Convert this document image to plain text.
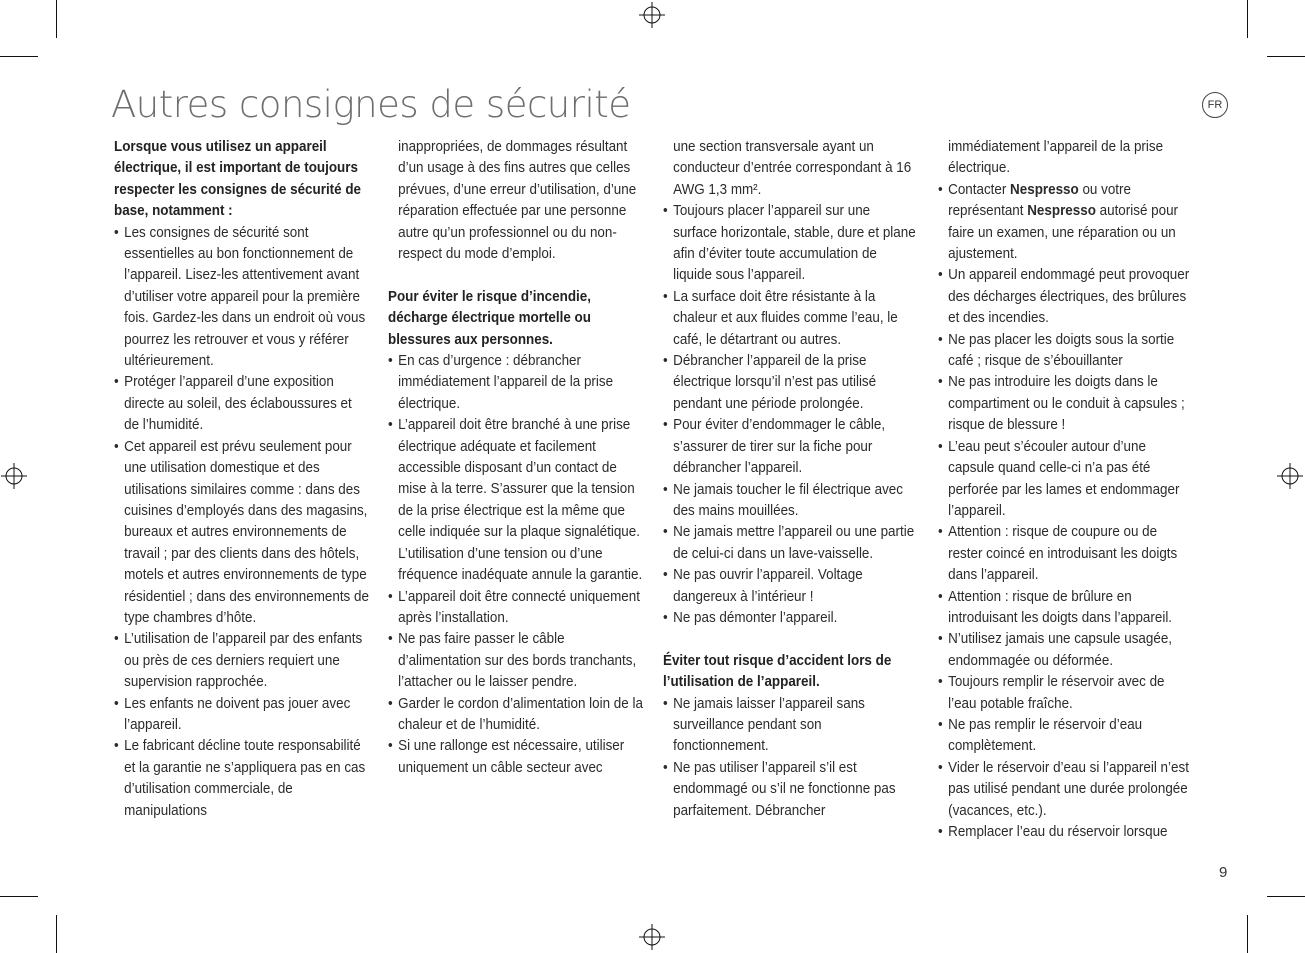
Autres consignes de sécurité	FR

Lorsque vous utilisez un appareil électrique, il est important de toujours respecter les consignes de sécurité de base, notamment :

• Les consignes de sécurité sont essentielles au bon fonctionnement de l’appareil. Lisez-les attentivement avant d’utiliser votre appareil pour la première fois. Gardez-les dans un endroit où vous pourrez les retrouver et vous y référer ultérieurement.
• Protéger l’appareil d’une exposition directe au soleil, des éclaboussures et de l’humidité.
• Cet appareil est prévu seulement pour une utilisation domestique et des utilisations similaires comme : dans des cuisines d’employés dans des magasins, bureaux et autres environnements de travail ; par des clients dans des hôtels, motels et autres environnements de type résidentiel ; dans des environnements de type chambres d’hôte.
• L’utilisation de l’appareil par des enfants ou près de ces derniers requiert une supervision rapprochée.
• Les enfants ne doivent pas jouer avec l’appareil.
• Le fabricant décline toute responsabilité et la garantie ne s’appliquera pas en cas d’utilisation commerciale, de manipulations

inappropriées, de dommages résultant d’un usage à des fins autres que celles prévues, d’une erreur d’utilisation, d’une réparation effectuée par une personne autre qu’un professionnel ou du non-respect du mode d’emploi.

Pour éviter le risque d’incendie, décharge électrique mortelle ou blessures aux personnes.

• En cas d’urgence : débrancher immédiatement l’appareil de la prise électrique.
• L’appareil doit être branché à une prise électrique adéquate et facilement accessible disposant d’un contact de mise à la terre. S’assurer que la tension de la prise électrique est la même que celle indiquée sur la plaque signalétique. L’utilisation d’une tension ou d’une fréquence inadéquate annule la garantie.
• L’appareil doit être connecté uniquement après l’installation.
• Ne pas faire passer le câble d’alimentation sur des bords tranchants, l’attacher ou le laisser pendre.
• Garder le cordon d’alimentation loin de la chaleur et de l’humidité.
• Si une rallonge est nécessaire, utiliser uniquement un câble secteur avec

une section transversale ayant un conducteur d’entrée correspondant à 16 AWG 1,3 mm².

• Toujours placer l’appareil sur une surface horizontale, stable, dure et plane afin d’éviter toute accumulation de liquide sous l’appareil.
• La surface doit être résistante à la chaleur et aux fluides comme l’eau, le café, le détartrant ou autres.
• Débrancher l’appareil de la prise électrique lorsqu’il n’est pas utilisé pendant une période prolongée.
• Pour éviter d’endommager le câble, s’assurer de tirer sur la fiche pour débrancher l’appareil.
• Ne jamais toucher le fil électrique avec des mains mouillées.
• Ne jamais mettre l’appareil ou une partie de celui-ci dans un lave-vaisselle.
• Ne pas ouvrir l’appareil. Voltage dangereux à l’intérieur !
• Ne pas démonter l’appareil.

Éviter tout risque d’accident lors de l’utilisation de l’appareil.

• Ne jamais laisser l’appareil sans surveillance pendant son fonctionnement.
• Ne pas utiliser l’appareil s’il est endommagé ou s’il ne fonctionne pas parfaitement. Débrancher

immédiatement l’appareil de la prise électrique.

• Contacter Nespresso ou votre représentant Nespresso autorisé pour faire un examen, une réparation ou un ajustement.
• Un appareil endommagé peut provoquer des décharges électriques, des brûlures et des incendies.
• Ne pas placer les doigts sous la sortie café ; risque de s’ébouillanter
• Ne pas introduire les doigts dans le compartiment ou le conduit à capsules ; risque de blessure !
• L’eau peut s’écouler autour d’une capsule quand celle-ci n’a pas été perforée par les lames et endommager l’appareil.
• Attention : risque de coupure ou de rester coincé en introduisant les doigts dans l’appareil.
• Attention : risque de brûlure en introduisant les doigts dans l’appareil.
• N’utilisez jamais une capsule usagée, endommagée ou déformée.
• Toujours remplir le réservoir avec de l’eau potable fraîche.
• Ne pas remplir le réservoir d’eau complètement.
• Vider le réservoir d’eau si l’appareil n’est pas utilisé pendant une durée prolongée (vacances, etc.).
• Remplacer l’eau du réservoir lorsque
9
